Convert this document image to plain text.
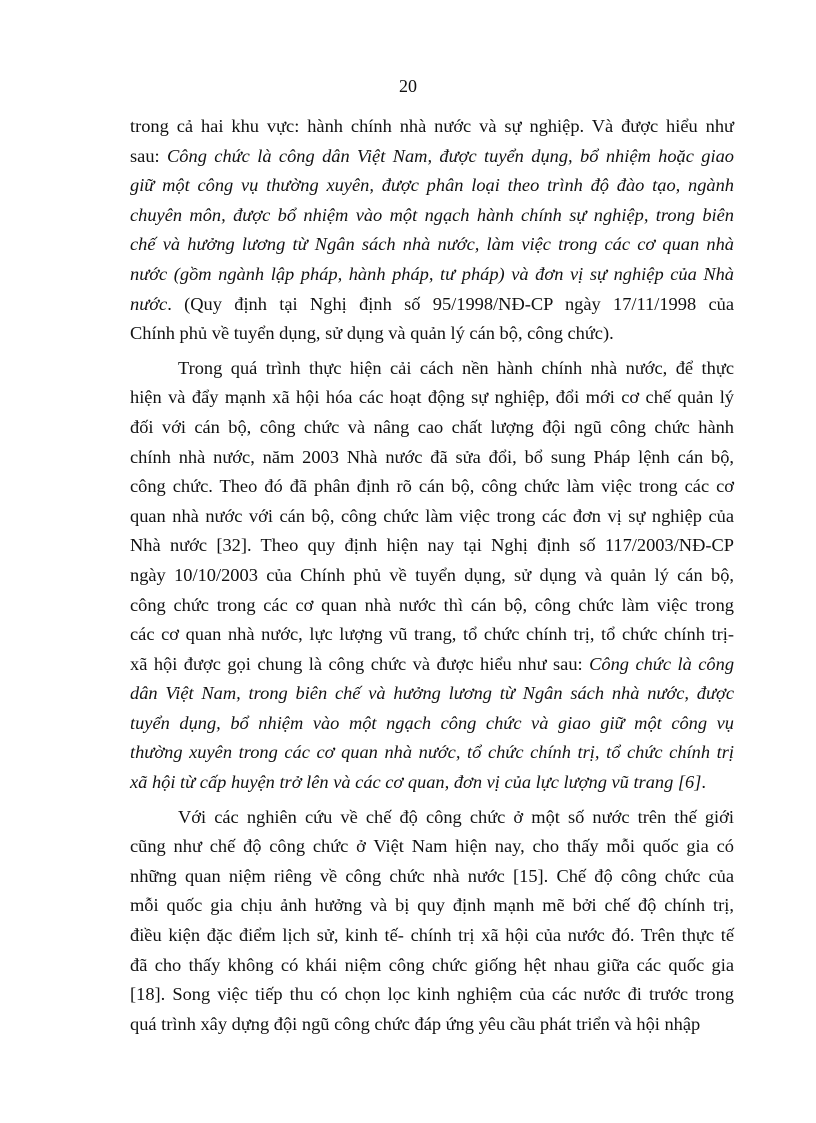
20
trong cả hai khu vực: hành chính nhà nước và sự nghiệp. Và được hiểu như
sau: Công chức là công dân Việt Nam, được tuyển dụng, bổ nhiệm hoặc giao
giữ một công vụ thường xuyên, được phân loại theo trình độ đào tạo, ngành
chuyên môn, được bổ nhiệm vào một ngạch hành chính sự nghiệp, trong biên
chế và hưởng lương từ Ngân sách nhà nước, làm việc trong các cơ quan nhà
nước (gồm ngành lập pháp, hành pháp, tư pháp) và đơn vị sự nghiệp của Nhà
nước. (Quy định tại Nghị định số 95/1998/NĐ-CP ngày 17/11/1998 của
Chính phủ về tuyển dụng, sử dụng và quản lý cán bộ, công chức).
Trong quá trình thực hiện cải cách nền hành chính nhà nước, để thực
hiện và đẩy mạnh xã hội hóa các hoạt động sự nghiệp, đổi mới cơ chế quản lý
đối với cán bộ, công chức và nâng cao chất lượng đội ngũ công chức hành
chính nhà nước, năm 2003 Nhà nước đã sửa đổi, bổ sung Pháp lệnh cán bộ,
công chức. Theo đó đã phân định rõ cán bộ, công chức làm việc trong các cơ
quan nhà nước với cán bộ, công chức làm việc trong các đơn vị sự nghiệp của
Nhà nước [32]. Theo quy định hiện nay tại Nghị định số 117/2003/NĐ-CP
ngày 10/10/2003 của Chính phủ về tuyển dụng, sử dụng và quản lý cán bộ,
công chức trong các cơ quan nhà nước thì cán bộ, công chức làm việc trong
các cơ quan nhà nước, lực lượng vũ trang, tổ chức chính trị, tổ chức chính trị-
xã hội được gọi chung là công chức và được hiểu như sau: Công chức là công
dân Việt Nam, trong biên chế và hưởng lương từ Ngân sách nhà nước, được
tuyển dụng, bổ nhiệm vào một ngạch công chức và giao giữ một công vụ
thường xuyên trong các cơ quan nhà nước, tổ chức chính trị, tổ chức chính trị
xã hội từ cấp huyện trở lên và các cơ quan, đơn vị của lực lượng vũ trang [6].
Với các nghiên cứu về chế độ công chức ở một số nước trên thế giới
cũng như chế độ công chức ở Việt Nam hiện nay, cho thấy mỗi quốc gia có
những quan niệm riêng về công chức nhà nước [15]. Chế độ công chức của
mỗi quốc gia chịu ảnh hưởng và bị quy định mạnh mẽ bởi chế độ chính trị,
điều kiện đặc điểm lịch sử, kinh tế- chính trị xã hội của nước đó. Trên thực tế
đã cho thấy không có khái niệm công chức giống hệt nhau giữa các quốc gia
[18]. Song việc tiếp thu có chọn lọc kinh nghiệm của các nước đi trước trong
quá trình xây dựng đội ngũ công chức đáp ứng yêu cầu phát triển và hội nhập
